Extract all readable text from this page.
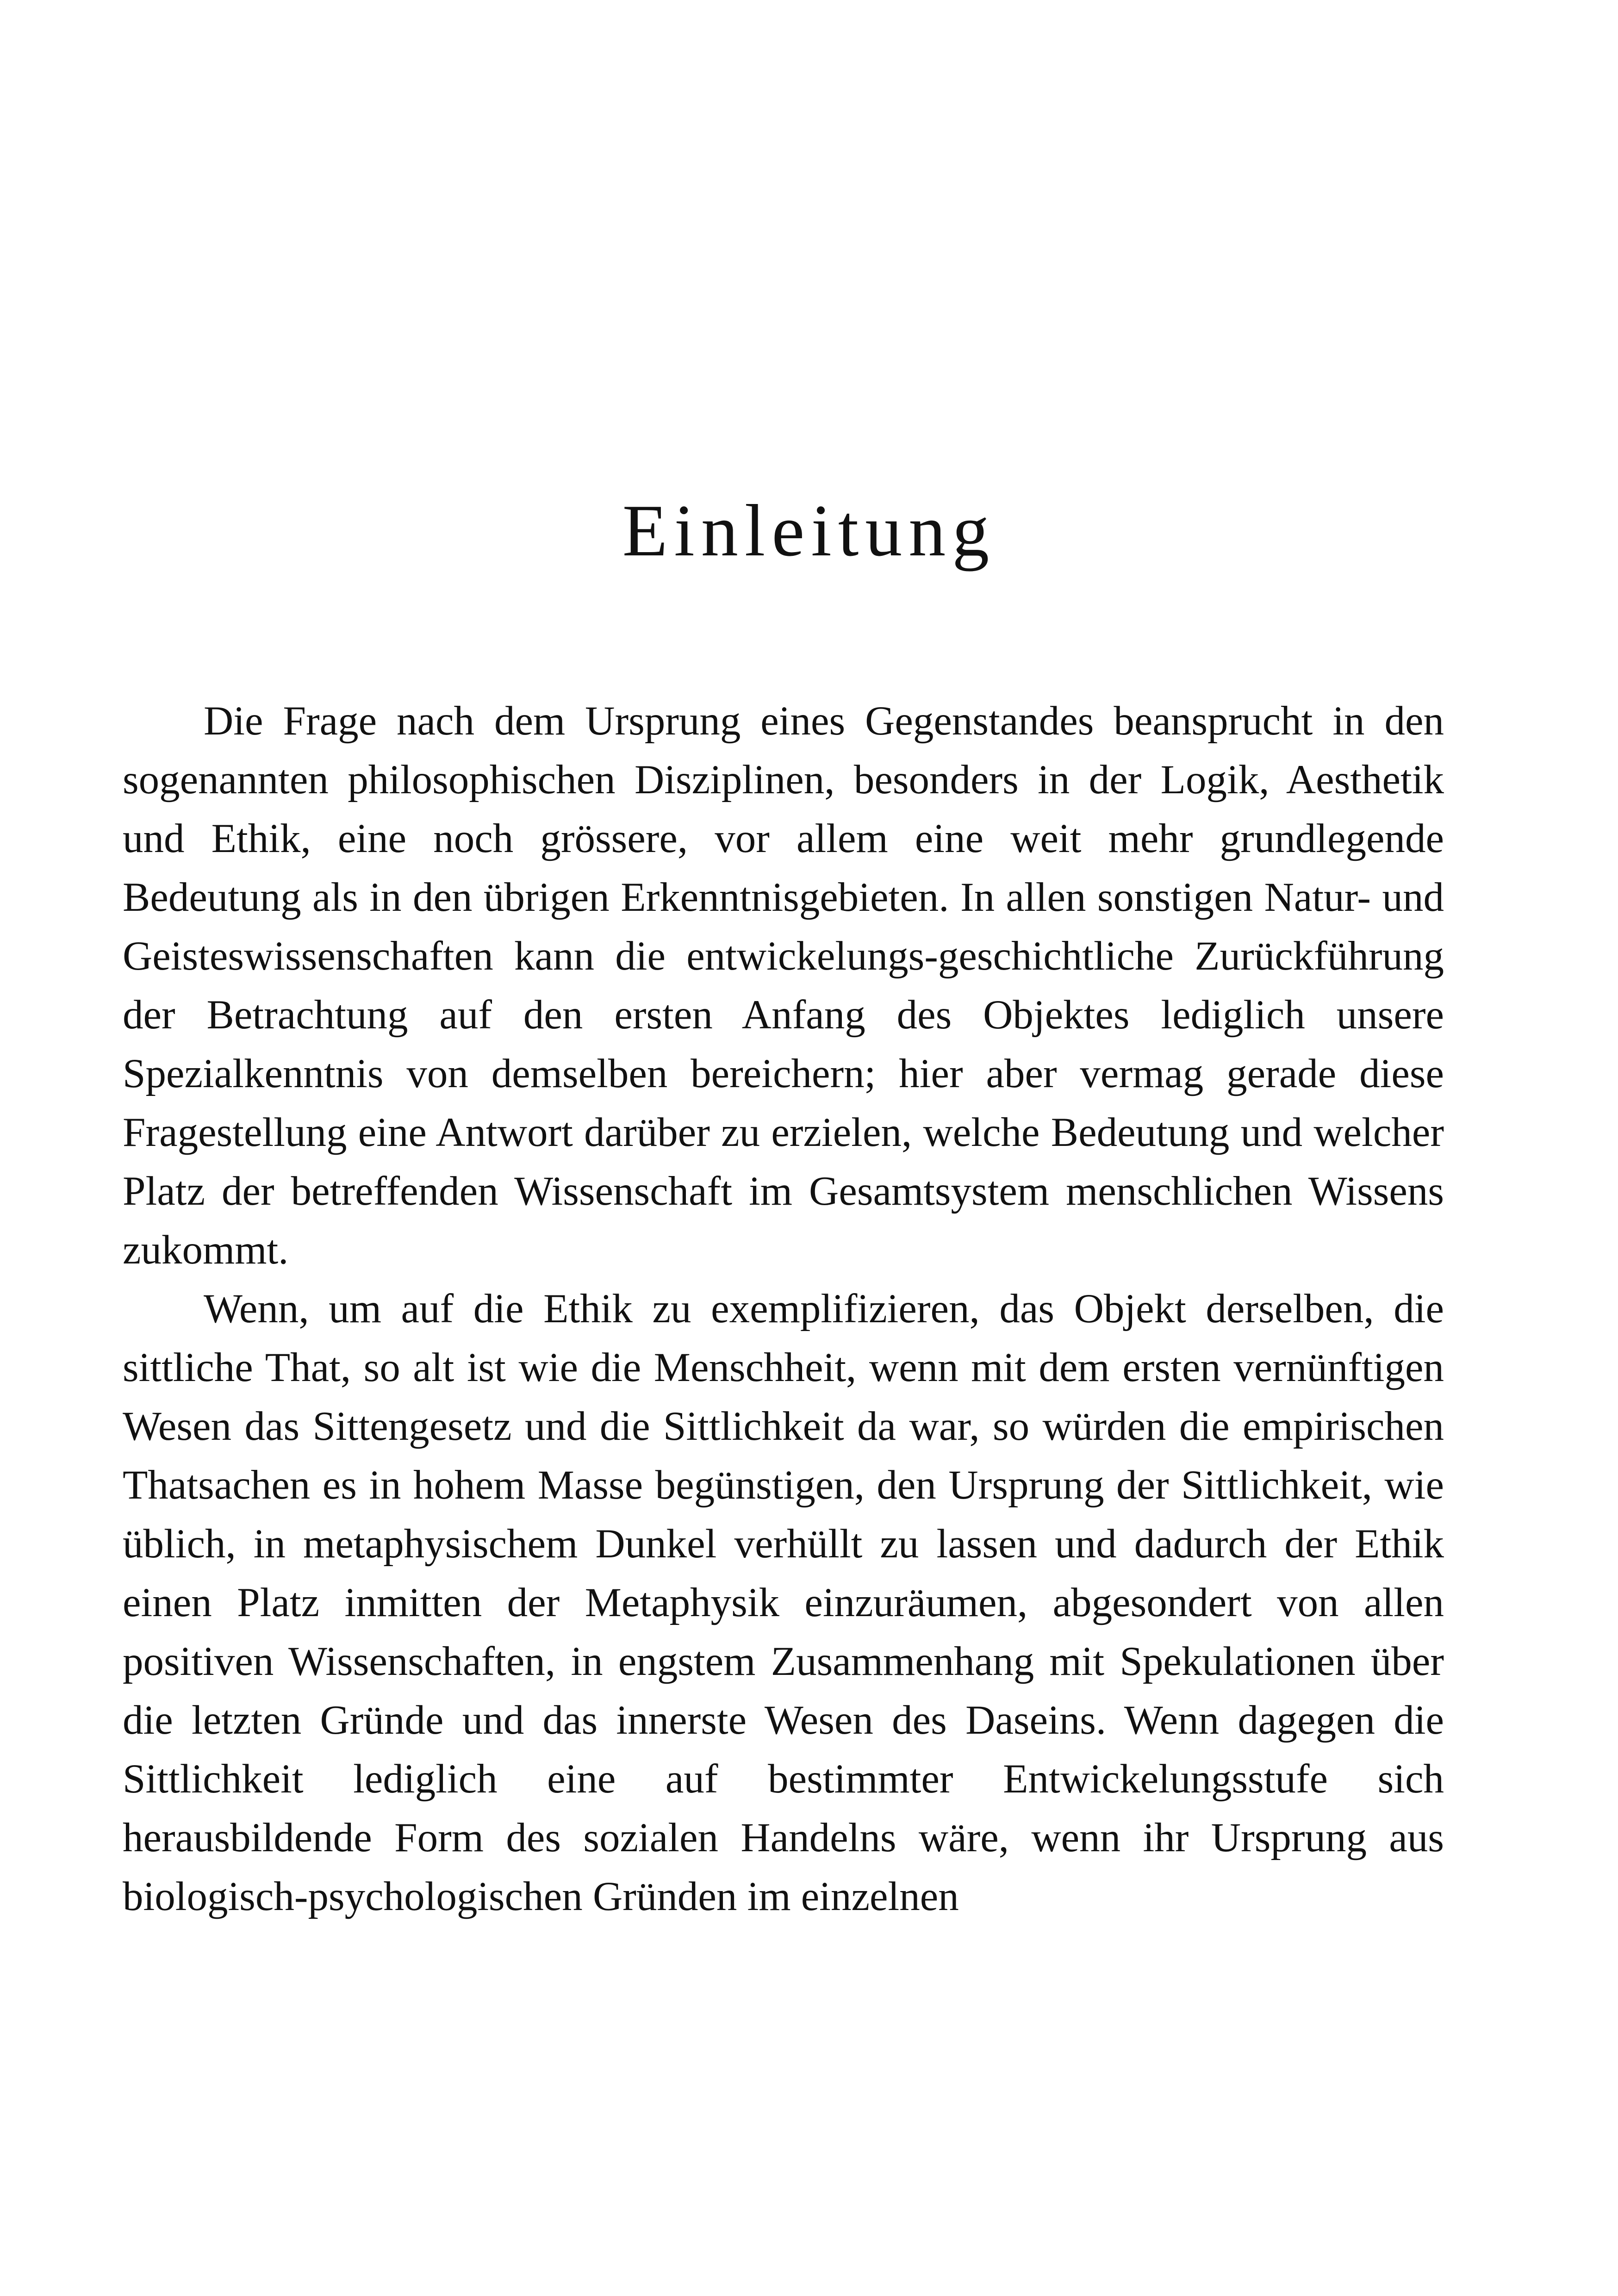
Einleitung

Die Frage nach dem Ursprung eines Gegenstandes beansprucht in den sogenannten philosophischen Disziplinen, besonders in der Logik, Aesthetik und Ethik, eine noch grössere, vor allem eine weit mehr grundlegende Bedeutung als in den übrigen Erkenntnisgebieten. In allen sonstigen Natur- und Geisteswissenschaften kann die entwickelungs-geschichtliche Zurückführung der Betrachtung auf den ersten Anfang des Objektes lediglich unsere Spezialkenntnis von demselben bereichern; hier aber vermag gerade diese Fragestellung eine Antwort darüber zu erzielen, welche Bedeutung und welcher Platz der betreffenden Wissenschaft im Gesamtsystem menschlichen Wissens zukommt.

Wenn, um auf die Ethik zu exemplifizieren, das Objekt derselben, die sittliche That, so alt ist wie die Menschheit, wenn mit dem ersten vernünftigen Wesen das Sittengesetz und die Sittlichkeit da war, so würden die empirischen Thatsachen es in hohem Masse begünstigen, den Ursprung der Sittlichkeit, wie üblich, in metaphysischem Dunkel verhüllt zu lassen und dadurch der Ethik einen Platz inmitten der Metaphysik einzuräumen, abgesondert von allen positiven Wissenschaften, in engstem Zusammenhang mit Spekulationen über die letzten Gründe und das innerste Wesen des Daseins. Wenn dagegen die Sittlichkeit lediglich eine auf bestimmter Entwickelungsstufe sich herausbildende Form des sozialen Handelns wäre, wenn ihr Ursprung aus biologisch-psychologischen Gründen im einzelnen
